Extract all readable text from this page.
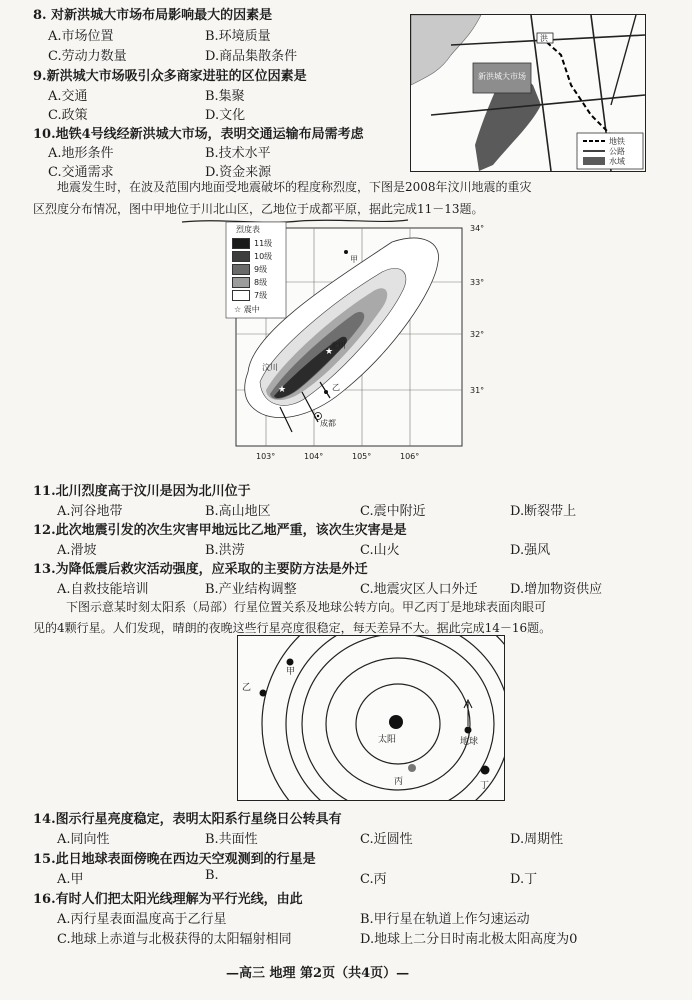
8. 对新洪城大市场布局影响最大的因素是
A.市场位置	B.环境质量
C.劳动力数量	D.商品集散条件
9.新洪城大市场吸引众多商家进驻的区位因素是
A.交通	B.集聚
C.政策	D.文化
10.地铁4号线经新洪城大市场，表明交通运输布局需考虑
A.地形条件	B.技术水平
C.交通需求	D.资金来源
新洪城大市场
洪
地铁
公路
水域
地震发生时，在波及范围内地面受地震破坏的程度称烈度，下图是2008年汶川地震的重灾
区烈度分布情况，图中甲地位于川北山区，乙地位于成都平原，据此完成11－13题。
★
★
烈度表
11级
10级
9级
8级
7级
☆ 震中
34°
33°
32°
31°
103°	104°	105°	106°
甲
乙
汶川
北川
成都
11.北川烈度高于汶川是因为北川位于
A.河谷地带	B.高山地区	C.震中附近	D.断裂带上
12.此次地震引发的次生灾害甲地远比乙地严重，该次生灾害是是
A.滑坡	B.洪涝	C.山火	D.强风
13.为降低震后救灾活动强度，应采取的主要防方法是外迁
A.自救技能培训	B.产业结构调整	C.地震灾区人口外迁 D.增加物资供应
下图示意某时刻太阳系（局部）行星位置关系及地球公转方向。甲乙丙丁是地球表面肉眼可
见的4颗行星。人们发现，晴朗的夜晚这些行星亮度很稳定，每天差异不大。据此完成14－16题。
太阳	地球
甲
乙
丙	丁
14.图示行星亮度稳定，表明太阳系行星绕日公转具有
A.同向性	B.共面性	C.近圆性	D.周期性
15.此日地球表面傍晚在西边天空观测到的行星是
A.甲	B.	C.丙	D.丁
16.有时人们把太阳光线理解为平行光线，由此
A.丙行星表面温度高于乙行星	B.甲行星在轨道上作匀速运动
C.地球上赤道与北极获得的太阳辐射相同	D.地球上二分日时南北极太阳高度为0
—高三 地理 第2页（共4页）—
